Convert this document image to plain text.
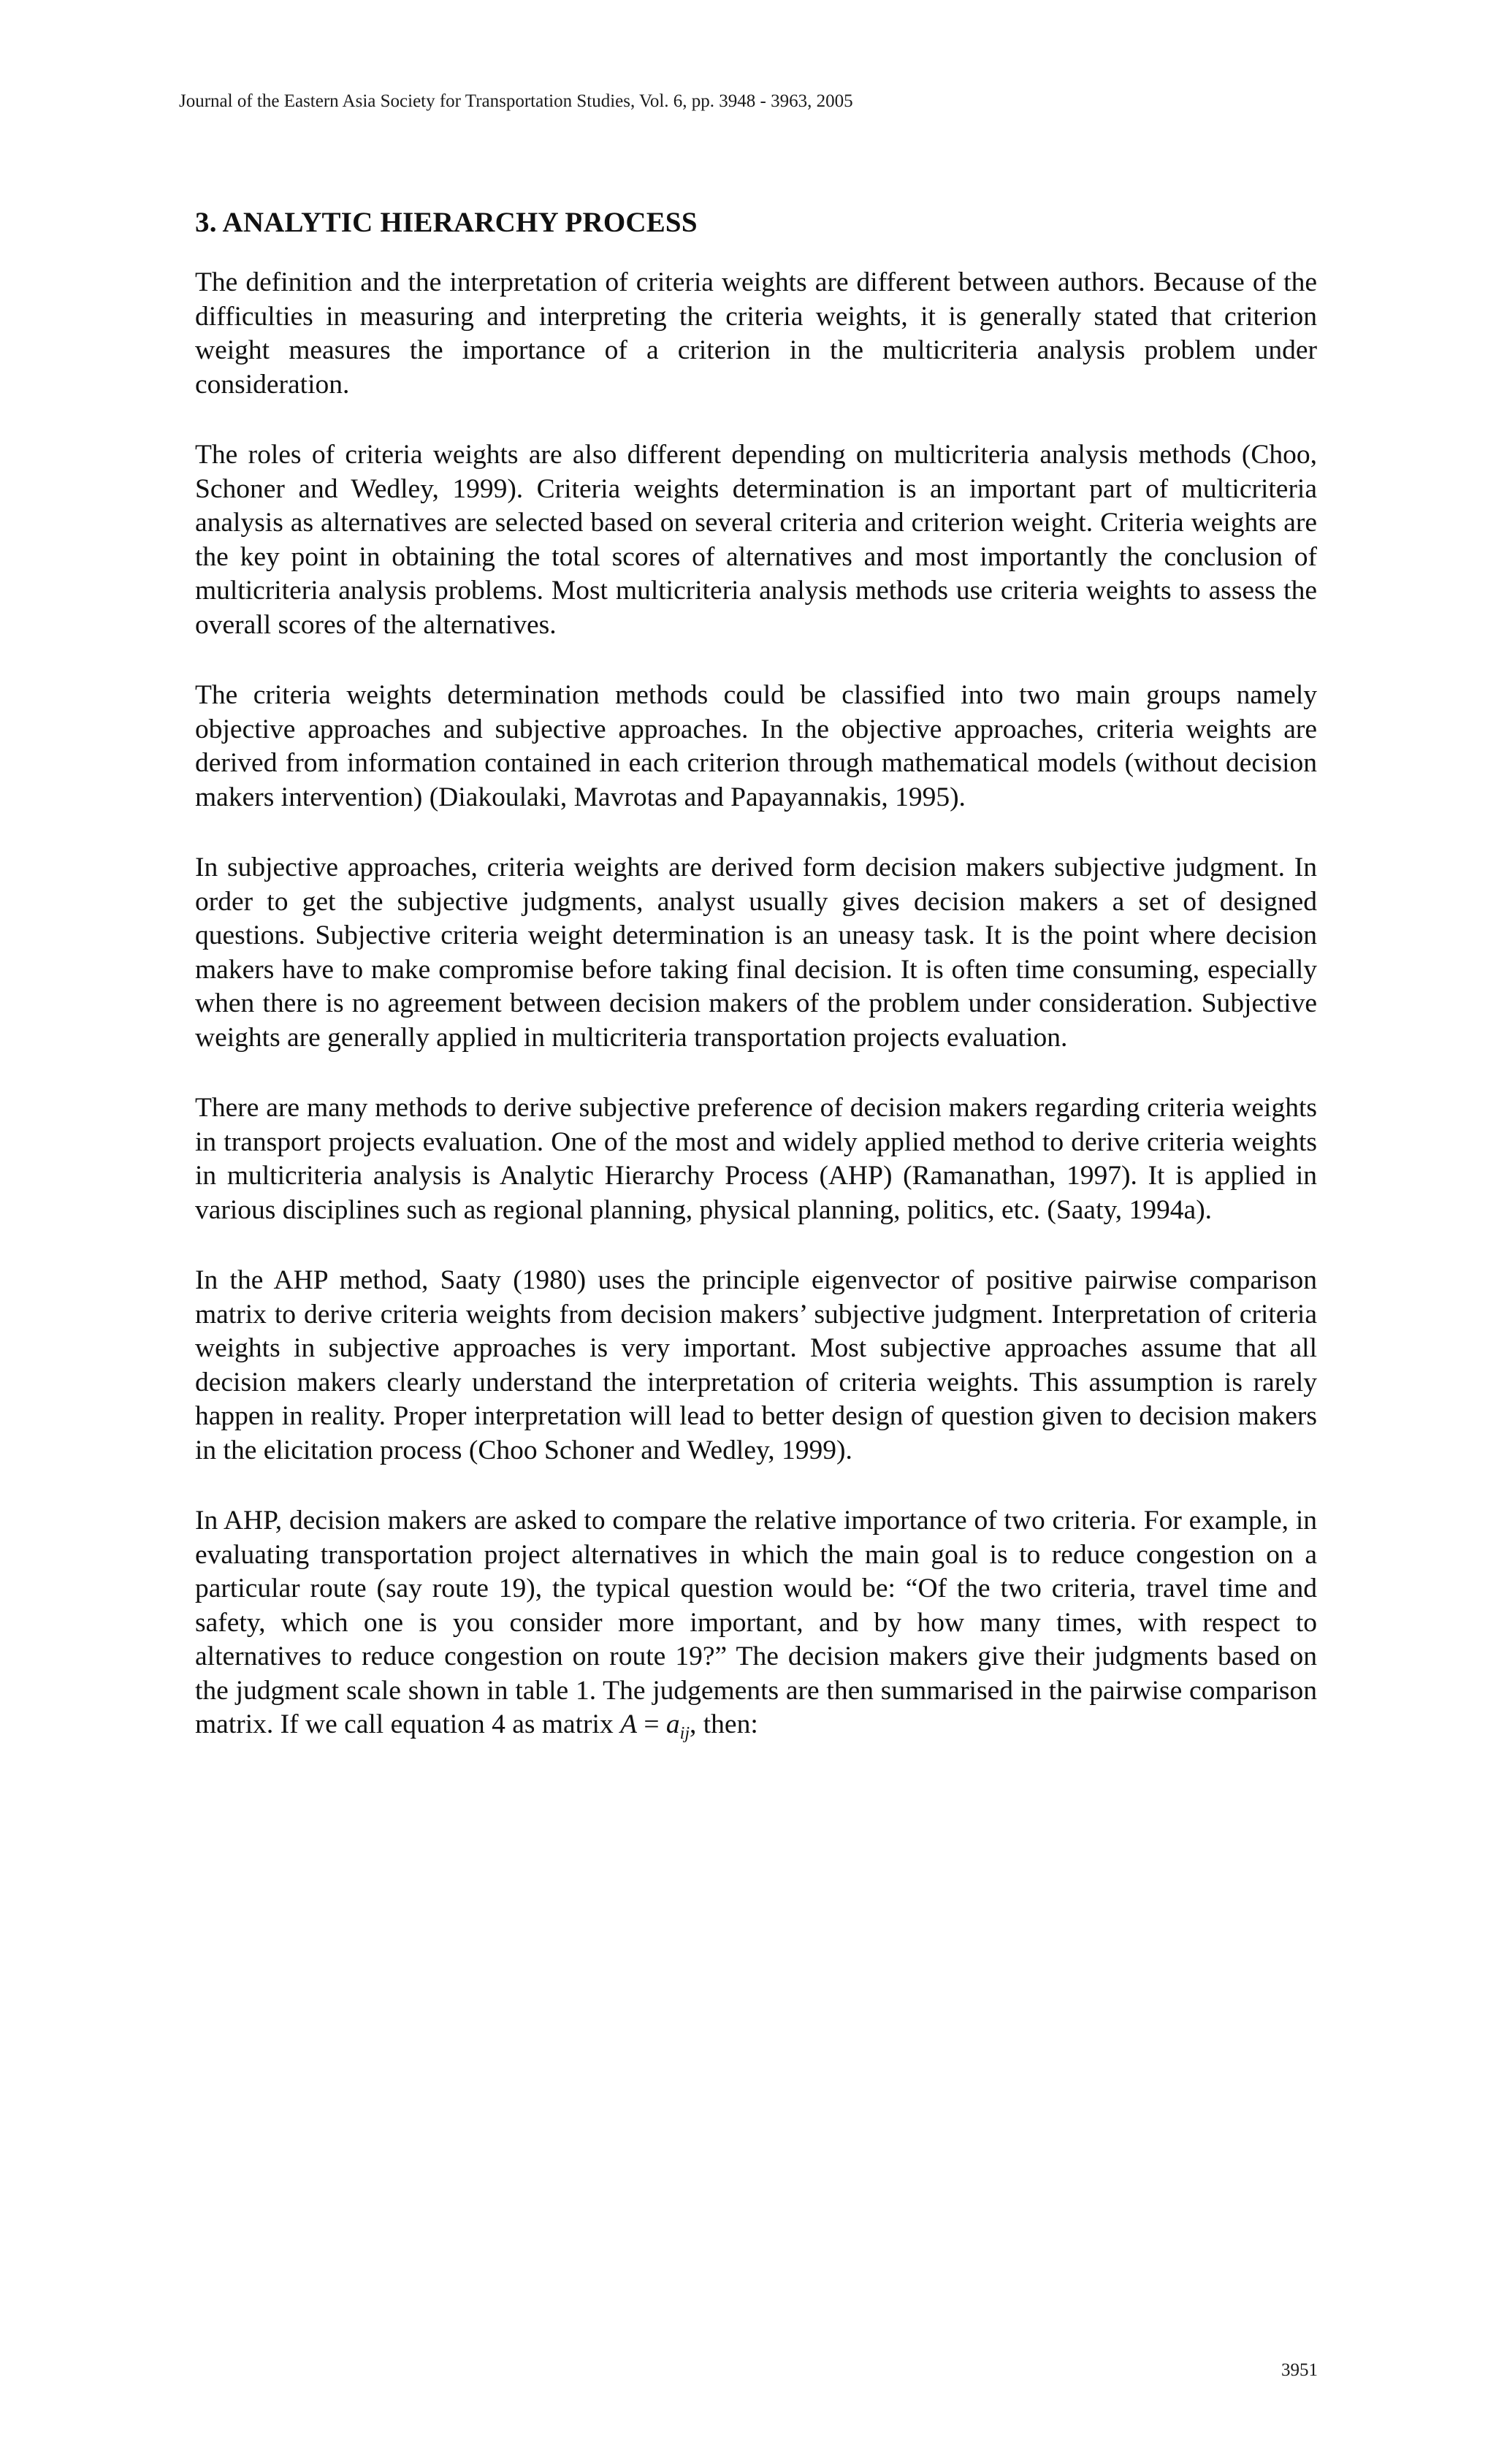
Journal of the Eastern Asia Society for Transportation Studies, Vol. 6, pp. 3948 - 3963, 2005
3. ANALYTIC HIERARCHY PROCESS

The definition and the interpretation of criteria weights are different between authors. Because of the difficulties in measuring and interpreting the criteria weights, it is generally stated that criterion weight measures the importance of a criterion in the multicriteria analysis problem under consideration.

The roles of criteria weights are also different depending on multicriteria analysis methods (Choo, Schoner and Wedley, 1999). Criteria weights determination is an important part of multicriteria analysis as alternatives are selected based on several criteria and criterion weight. Criteria weights are the key point in obtaining the total scores of alternatives and most importantly the conclusion of multicriteria analysis problems. Most multicriteria analysis methods use criteria weights to assess the overall scores of the alternatives.

The criteria weights determination methods could be classified into two main groups namely objective approaches and subjective approaches. In the objective approaches, criteria weights are derived from information contained in each criterion through mathematical models (without decision makers intervention) (Diakoulaki, Mavrotas and Papayannakis, 1995).

In subjective approaches, criteria weights are derived form decision makers subjective judgment. In order to get the subjective judgments, analyst usually gives decision makers a set of designed questions. Subjective criteria weight determination is an uneasy task. It is the point where decision makers have to make compromise before taking final decision. It is often time consuming, especially when there is no agreement between decision makers of the problem under consideration. Subjective weights are generally applied in multicriteria transportation projects evaluation.

There are many methods to derive subjective preference of decision makers regarding criteria weights in transport projects evaluation. One of the most and widely applied method to derive criteria weights in multicriteria analysis is Analytic Hierarchy Process (AHP) (Ramanathan, 1997). It is applied in various disciplines such as regional planning, physical planning, politics, etc. (Saaty, 1994a).

In the AHP method, Saaty (1980) uses the principle eigenvector of positive pairwise comparison matrix to derive criteria weights from decision makers’ subjective judgment. Interpretation of criteria weights in subjective approaches is very important. Most subjective approaches assume that all decision makers clearly understand the interpretation of criteria weights. This assumption is rarely happen in reality. Proper interpretation will lead to better design of question given to decision makers in the elicitation process (Choo Schoner and Wedley, 1999).

In AHP, decision makers are asked to compare the relative importance of two criteria. For example, in evaluating transportation project alternatives in which the main goal is to reduce congestion on a particular route (say route 19), the typical question would be: “Of the two criteria, travel time and safety, which one is you consider more important, and by how many times, with respect to alternatives to reduce congestion on route 19?” The decision makers give their judgments based on the judgment scale shown in table 1. The judgements are then summarised in the pairwise comparison matrix. If we call equation 4 as matrix $A = a_{ij}$, then:

3951
